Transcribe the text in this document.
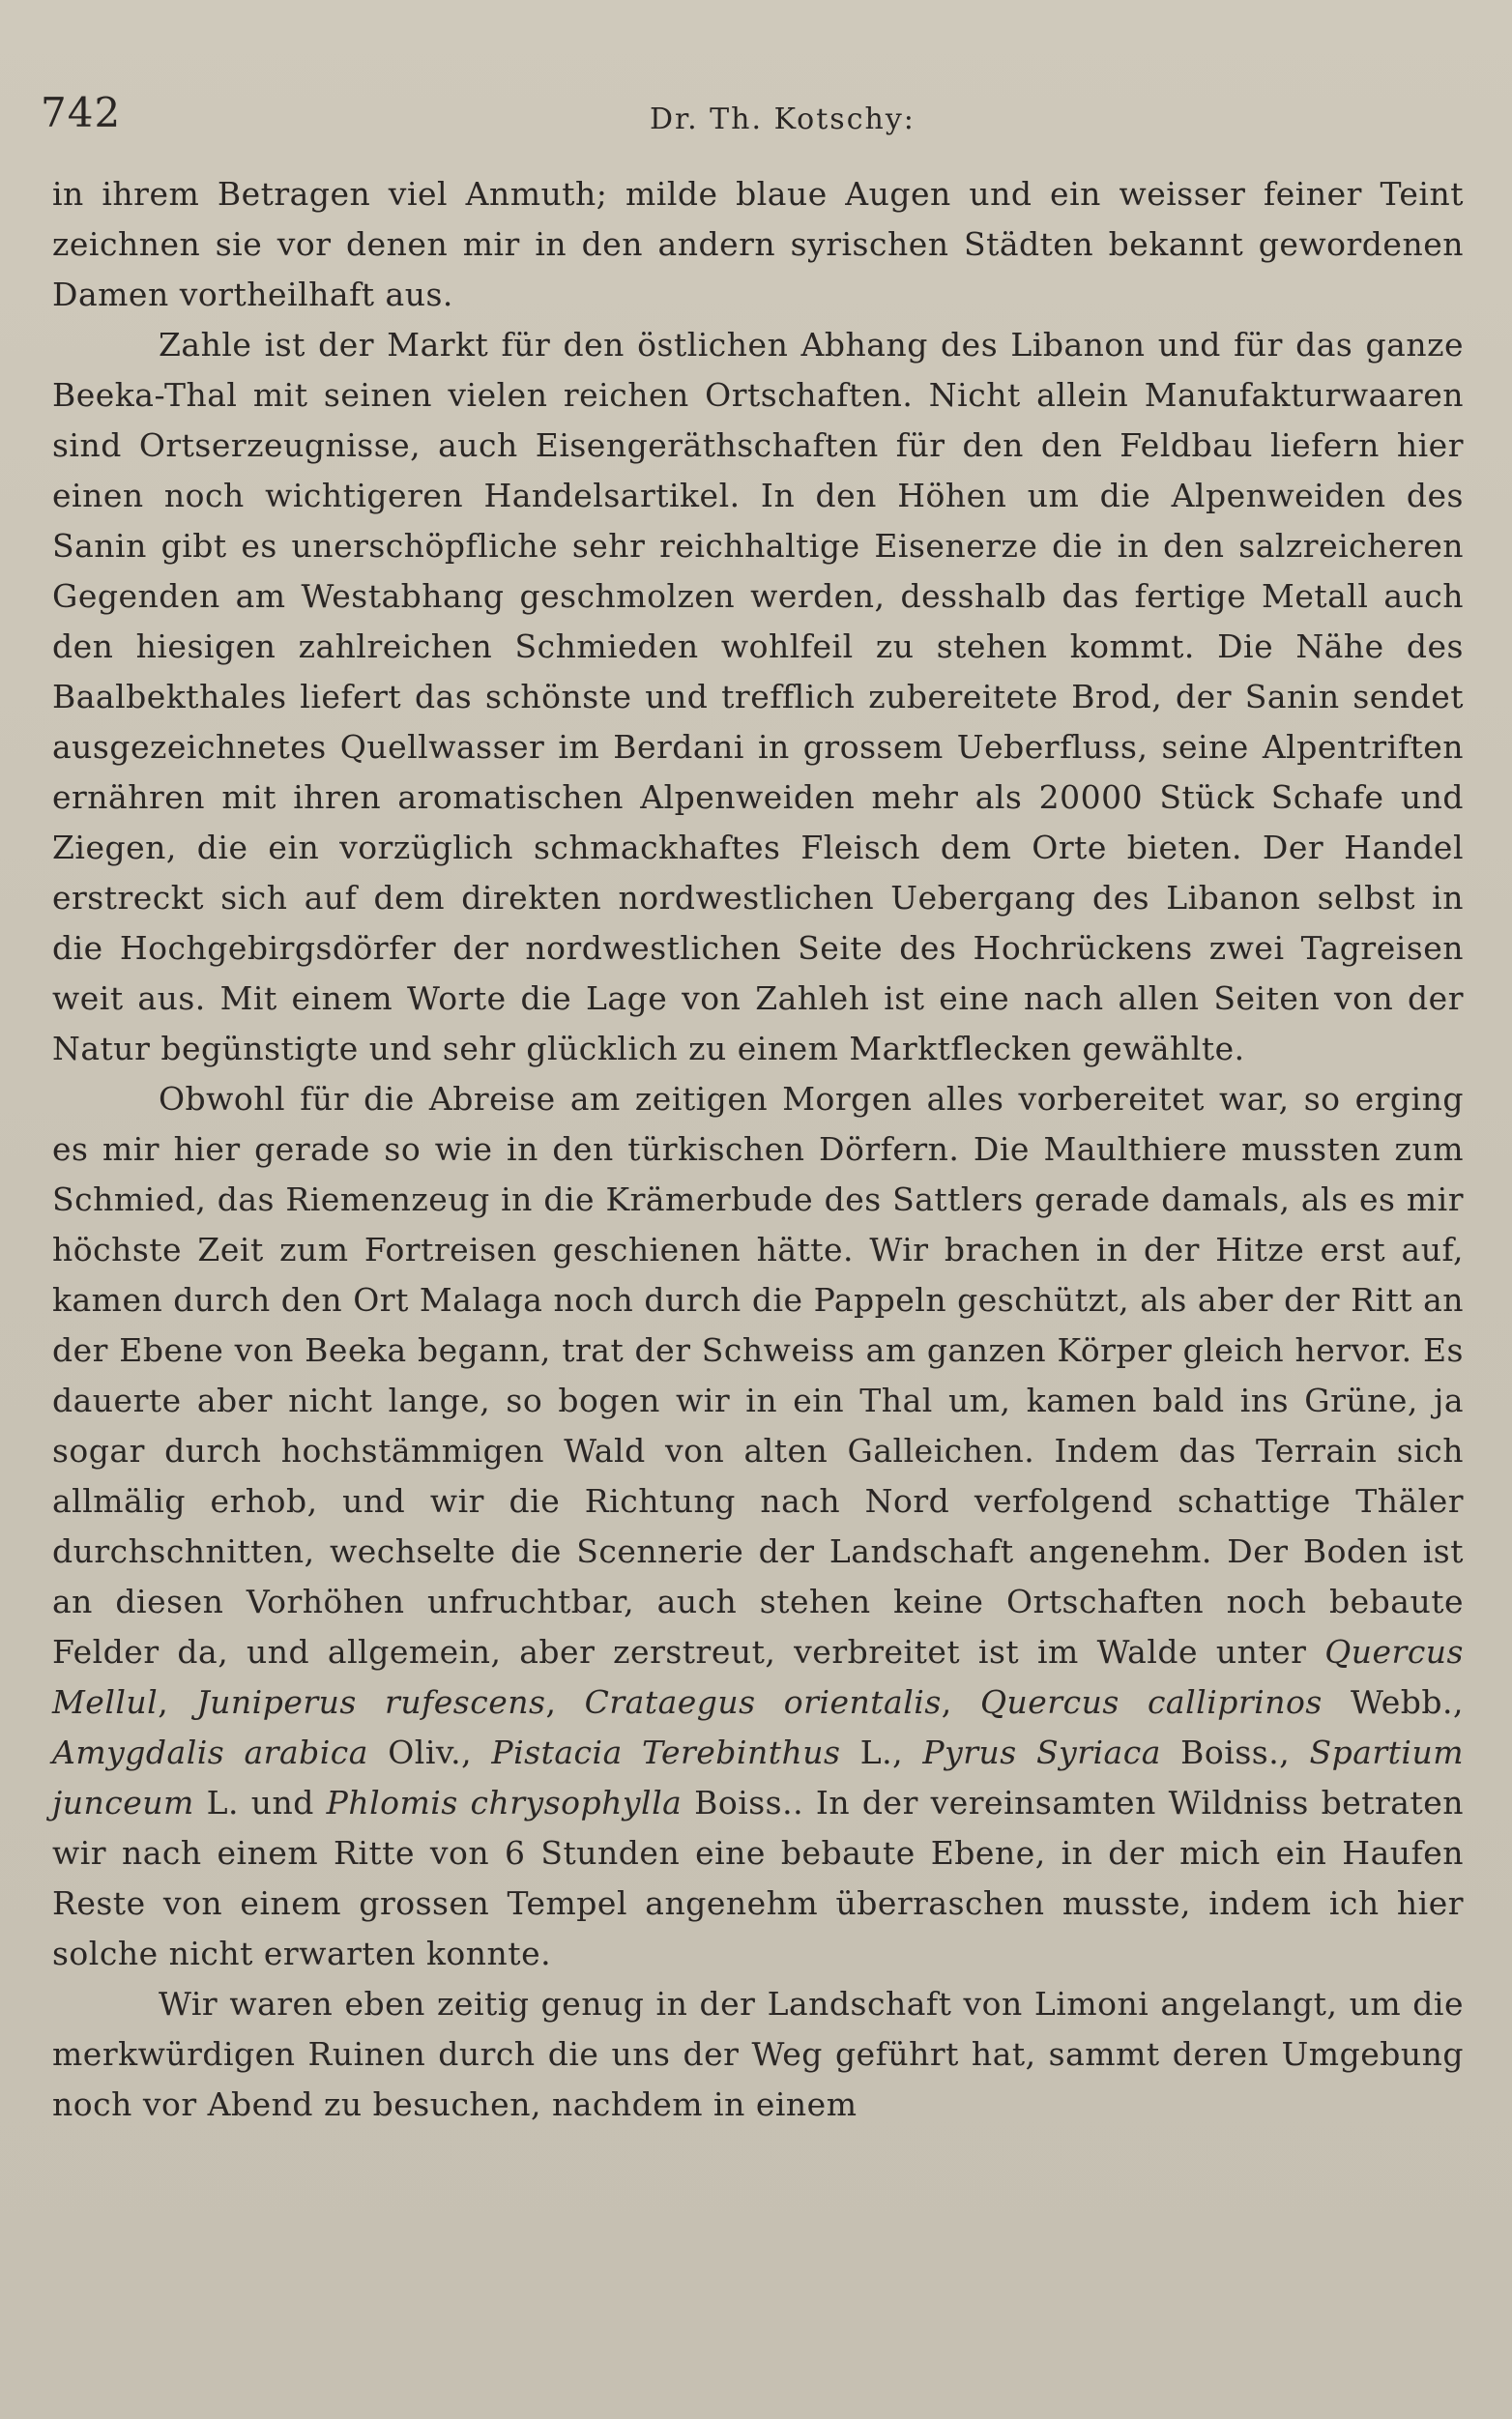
742	Dr. Th. Kotschy:

in ihrem Betragen viel Anmuth; milde blaue Augen und ein weisser feiner Teint zeichnen sie vor denen mir in den andern syrischen Städten bekannt gewordenen Damen vortheilhaft aus.

Zahle ist der Markt für den östlichen Abhang des Libanon und für das ganze Beeka-Thal mit seinen vielen reichen Ortschaften. Nicht allein Manufakturwaaren sind Ortserzeugnisse, auch Eisengeräthschaften für den den Feldbau liefern hier einen noch wichtigeren Handelsartikel. In den Höhen um die Alpenweiden des Sanin gibt es unerschöpfliche sehr reichhaltige Eisenerze die in den salzreicheren Gegenden am Westabhang geschmolzen werden, desshalb das fertige Metall auch den hiesigen zahlreichen Schmieden wohlfeil zu stehen kommt. Die Nähe des Baalbekthales liefert das schönste und trefflich zubereitete Brod, der Sanin sendet ausgezeichnetes Quellwasser im Berdani in grossem Ueberfluss, seine Alpentriften ernähren mit ihren aromatischen Alpenweiden mehr als 20000 Stück Schafe und Ziegen, die ein vorzüglich schmackhaftes Fleisch dem Orte bieten. Der Handel erstreckt sich auf dem direkten nordwestlichen Uebergang des Libanon selbst in die Hochgebirgsdörfer der nordwestlichen Seite des Hochrückens zwei Tagreisen weit aus. Mit einem Worte die Lage von Zahleh ist eine nach allen Seiten von der Natur begünstigte und sehr glücklich zu einem Marktflecken gewählte.

Obwohl für die Abreise am zeitigen Morgen alles vorbereitet war, so erging es mir hier gerade so wie in den türkischen Dörfern. Die Maulthiere mussten zum Schmied, das Riemenzeug in die Krämerbude des Sattlers gerade damals, als es mir höchste Zeit zum Fortreisen geschienen hätte. Wir brachen in der Hitze erst auf, kamen durch den Ort Malaga noch durch die Pappeln geschützt, als aber der Ritt an der Ebene von Beeka begann, trat der Schweiss am ganzen Körper gleich hervor. Es dauerte aber nicht lange, so bogen wir in ein Thal um, kamen bald ins Grüne, ja sogar durch hochstämmigen Wald von alten Galleichen. Indem das Terrain sich allmälig erhob, und wir die Richtung nach Nord verfolgend schattige Thäler durchschnitten, wechselte die Scennerie der Landschaft angenehm. Der Boden ist an diesen Vorhöhen unfruchtbar, auch stehen keine Ortschaften noch bebaute Felder da, und allgemein, aber zerstreut, verbreitet ist im Walde unter Quercus Mellul, Juniperus rufescens, Crataegus orientalis, Quercus calliprinos Webb., Amygdalis arabica Oliv., Pistacia Terebinthus L., Pyrus Syriaca Boiss., Spartium junceum L. und Phlomis chrysophylla Boiss.. In der vereinsamten Wildniss betraten wir nach einem Ritte von 6 Stunden eine bebaute Ebene, in der mich ein Haufen Reste von einem grossen Tempel angenehm überraschen musste, indem ich hier solche nicht erwarten konnte.

Wir waren eben zeitig genug in der Landschaft von Limoni angelangt, um die merkwürdigen Ruinen durch die uns der Weg geführt hat, sammt deren Umgebung noch vor Abend zu besuchen, nachdem in einem
